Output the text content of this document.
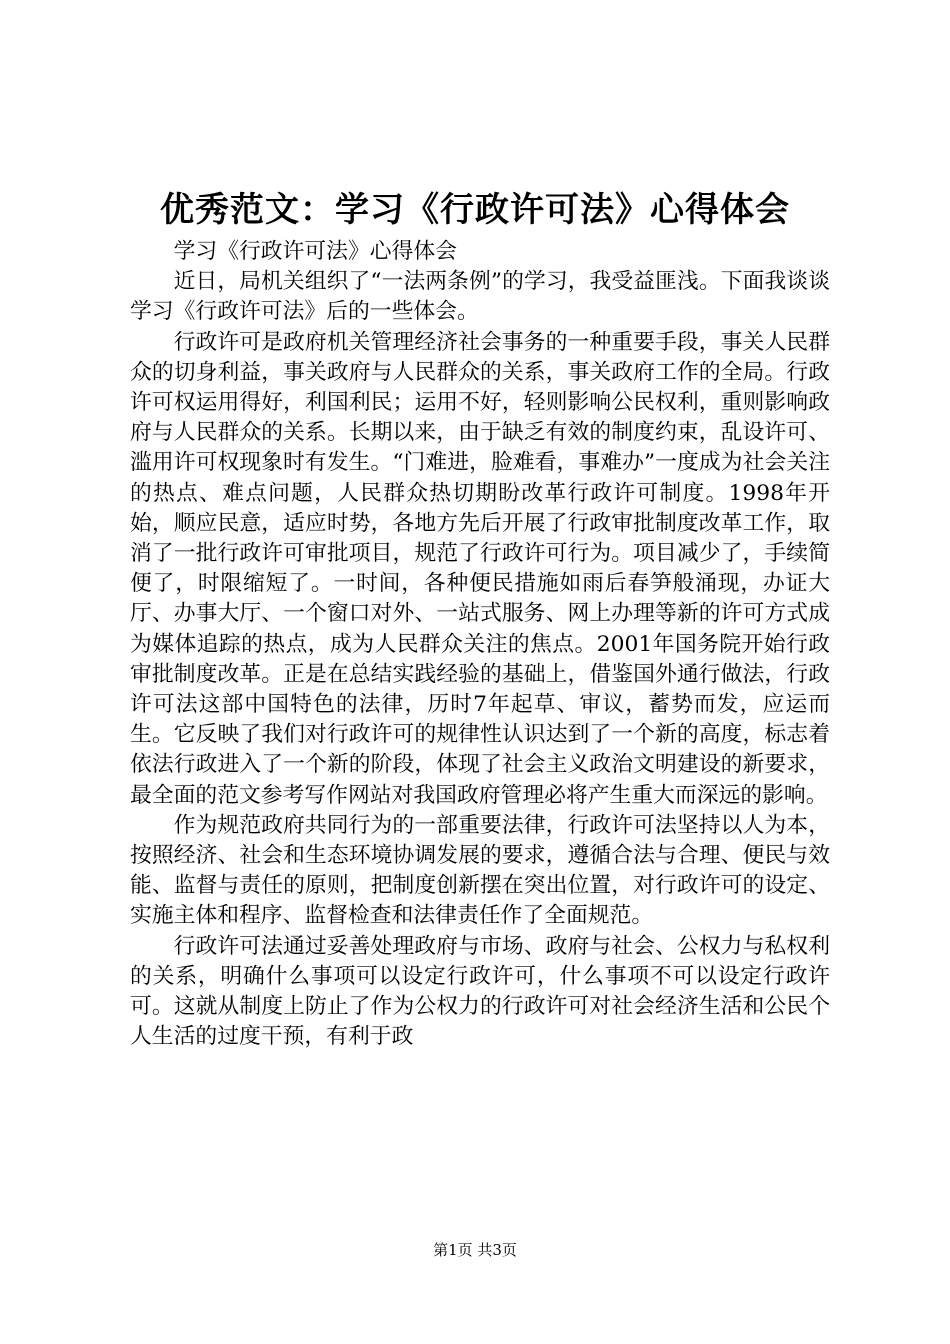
优秀范文：学习《行政许可法》心得体会

学习《行政许可法》心得体会

近日，局机关组织了“一法两条例”的学习，我受益匪浅。下面我谈谈学习《行政许可法》后的一些体会。

行政许可是政府机关管理经济社会事务的一种重要手段，事关人民群众的切身利益，事关政府与人民群众的关系，事关政府工作的全局。行政许可权运用得好，利国利民；运用不好，轻则影响公民权利，重则影响政府与人民群众的关系。长期以来，由于缺乏有效的制度约束，乱设许可、滥用许可权现象时有发生。“门难进，脸难看，事难办”一度成为社会关注的热点、难点问题，人民群众热切期盼改革行政许可制度。1998年开始，顺应民意，适应时势，各地方先后开展了行政审批制度改革工作，取消了一批行政许可审批项目，规范了行政许可行为。项目减少了，手续简便了，时限缩短了。一时间，各种便民措施如雨后春笋般涌现，办证大厅、办事大厅、一个窗口对外、一站式服务、网上办理等新的许可方式成为媒体追踪的热点，成为人民群众关注的焦点。2001年国务院开始行政审批制度改革。正是在总结实践经验的基础上，借鉴国外通行做法，行政许可法这部中国特色的法律，历时7年起草、审议，蓄势而发，应运而生。它反映了我们对行政许可的规律性认识达到了一个新的高度，标志着依法行政进入了一个新的阶段，体现了社会主义政治文明建设的新要求，最全面的范文参考写作网站对我国政府管理必将产生重大而深远的影响。

作为规范政府共同行为的一部重要法律，行政许可法坚持以人为本，按照经济、社会和生态环境协调发展的要求，遵循合法与合理、便民与效能、监督与责任的原则，把制度创新摆在突出位置，对行政许可的设定、实施主体和程序、监督检查和法律责任作了全面规范。

行政许可法通过妥善处理政府与市场、政府与社会、公权力与私权利的关系，明确什么事项可以设定行政许可，什么事项不可以设定行政许可。这就从制度上防止了作为公权力的行政许可对社会经济生活和公民个人生活的过度干预，有利于政

第1页 共3页
